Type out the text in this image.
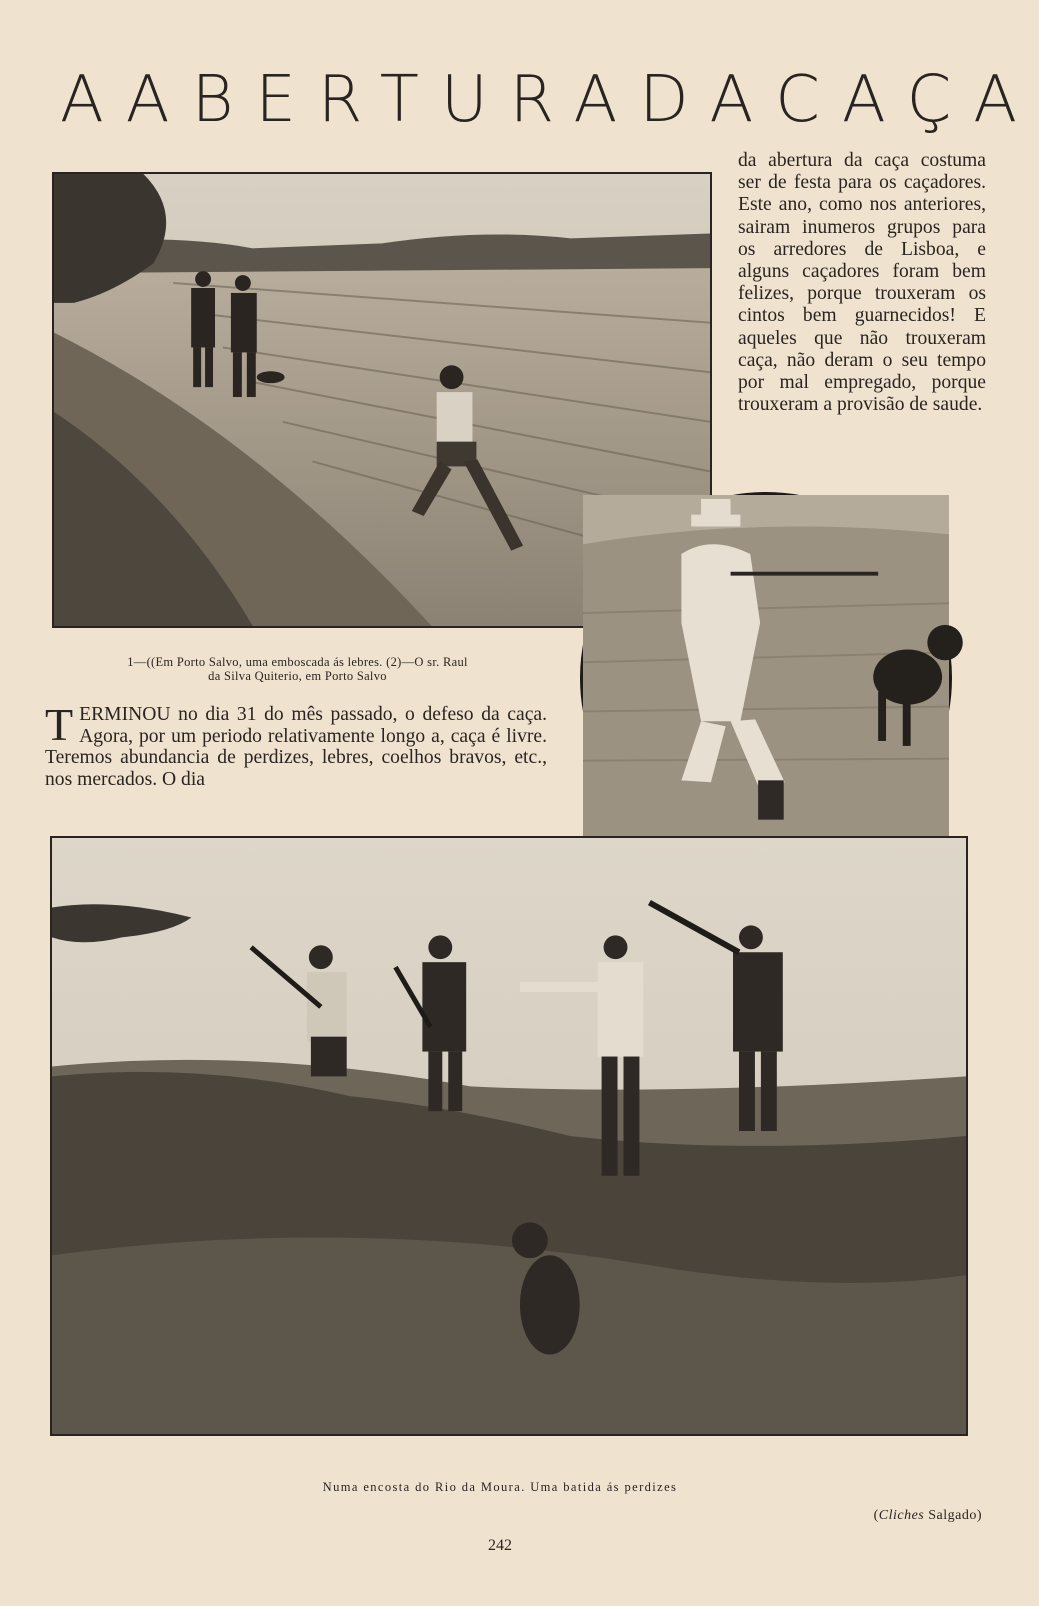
A ABERTURA DA CAÇA
da abertura da caça costuma ser de festa para os caçadores. Este ano, como nos anteriores, sairam inumeros grupos para os arredores de Lisboa, e alguns caçadores foram bem felizes, porque trouxeram os cintos bem guarnecidos! E aqueles que não trouxeram caça, não deram o seu tempo por mal empregado, porque trouxeram a provisão de saude.
1—((Em Porto Salvo, uma emboscada ás lebres. (2)—O sr. Raul
da Silva Quiterio, em Porto Salvo
TERMINOU no dia 31 do mês passado, o defeso da caça. Agora, por um periodo relativamente longo a, caça é livre. Teremos abundancia de perdizes, lebres, coelhos bravos, etc., nos mercados. O dia
Numa encosta do Rio da Moura. Uma batida ás perdizes
(Cliches Salgado)
242
